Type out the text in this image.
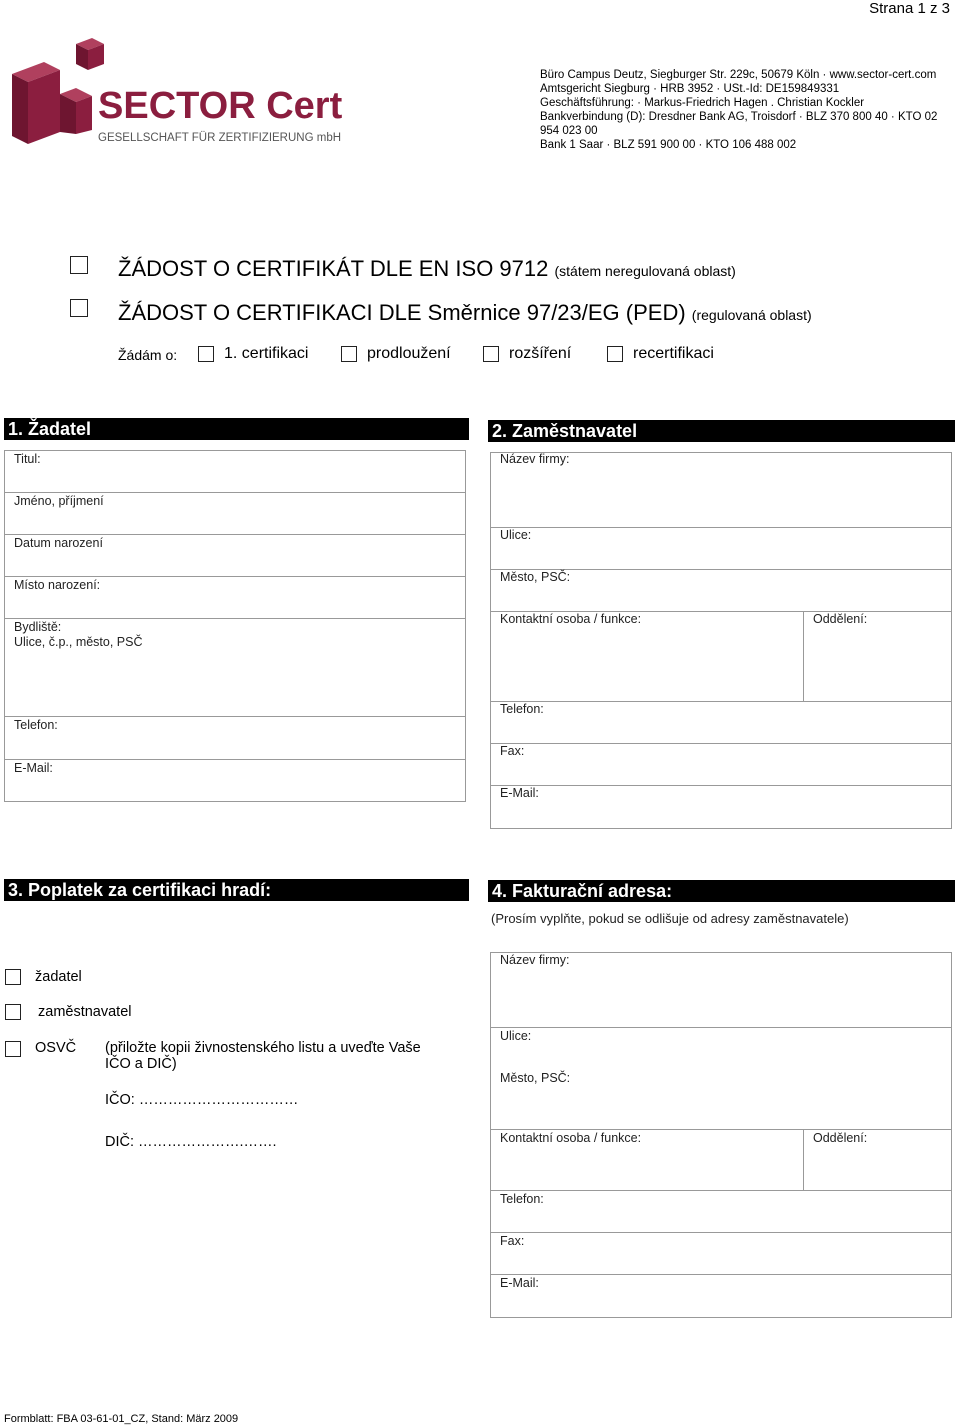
Strana 1 z 3
SECTOR Cert
GESELLSCHAFT FÜR ZERTIFIZIERUNG mbH
Büro Campus Deutz, Siegburger Str. 229c, 50679 Köln · www.sector-cert.com
Amtsgericht Siegburg · HRB 3952 · USt.-Id: DE159849331
Geschäftsführung: · Markus-Friedrich Hagen . Christian Kockler
Bankverbindung (D): Dresdner Bank AG, Troisdorf · BLZ 370 800 40 · KTO 02
954 023 00
Bank 1 Saar · BLZ 591 900 00 · KTO 106 488 002
ŽÁDOST O CERTIFIKÁT DLE EN ISO 9712 (státem neregulovaná oblast)
ŽÁDOST O CERTIFIKACI DLE Směrnice 97/23/EG (PED) (regulovaná oblast)
Žádám o:	1. certifikaci	prodloužení	rozšíření	recertifikaci
1. Žadatel
Titul:
Jméno, příjmení
Datum narození
Místo narození:
Bydliště:
Ulice, č.p., město, PSČ
Telefon:
E-Mail:
2. Zaměstnavatel
Název firmy:
Ulice:
Město, PSČ:
Kontaktní osoba / funkce:	Oddělení:
Telefon:
Fax:
E-Mail:
3. Poplatek za certifikaci hradí:
žadatel
zaměstnavatel
OSVČ (přiložte kopii živnostenského listu a uveďte Vaše
IČO a DIČ)
IČO: ……………………………
DIČ: ………………….…….
4. Fakturační adresa:
(Prosím vyplňte, pokud se odlišuje od adresy zaměstnavatele)
Název firmy:
Ulice:
Město, PSČ:
Kontaktní osoba / funkce:	Oddělení:
Telefon:
Fax:
E-Mail:
Formblatt: FBA 03-61-01_CZ, Stand: März 2009
